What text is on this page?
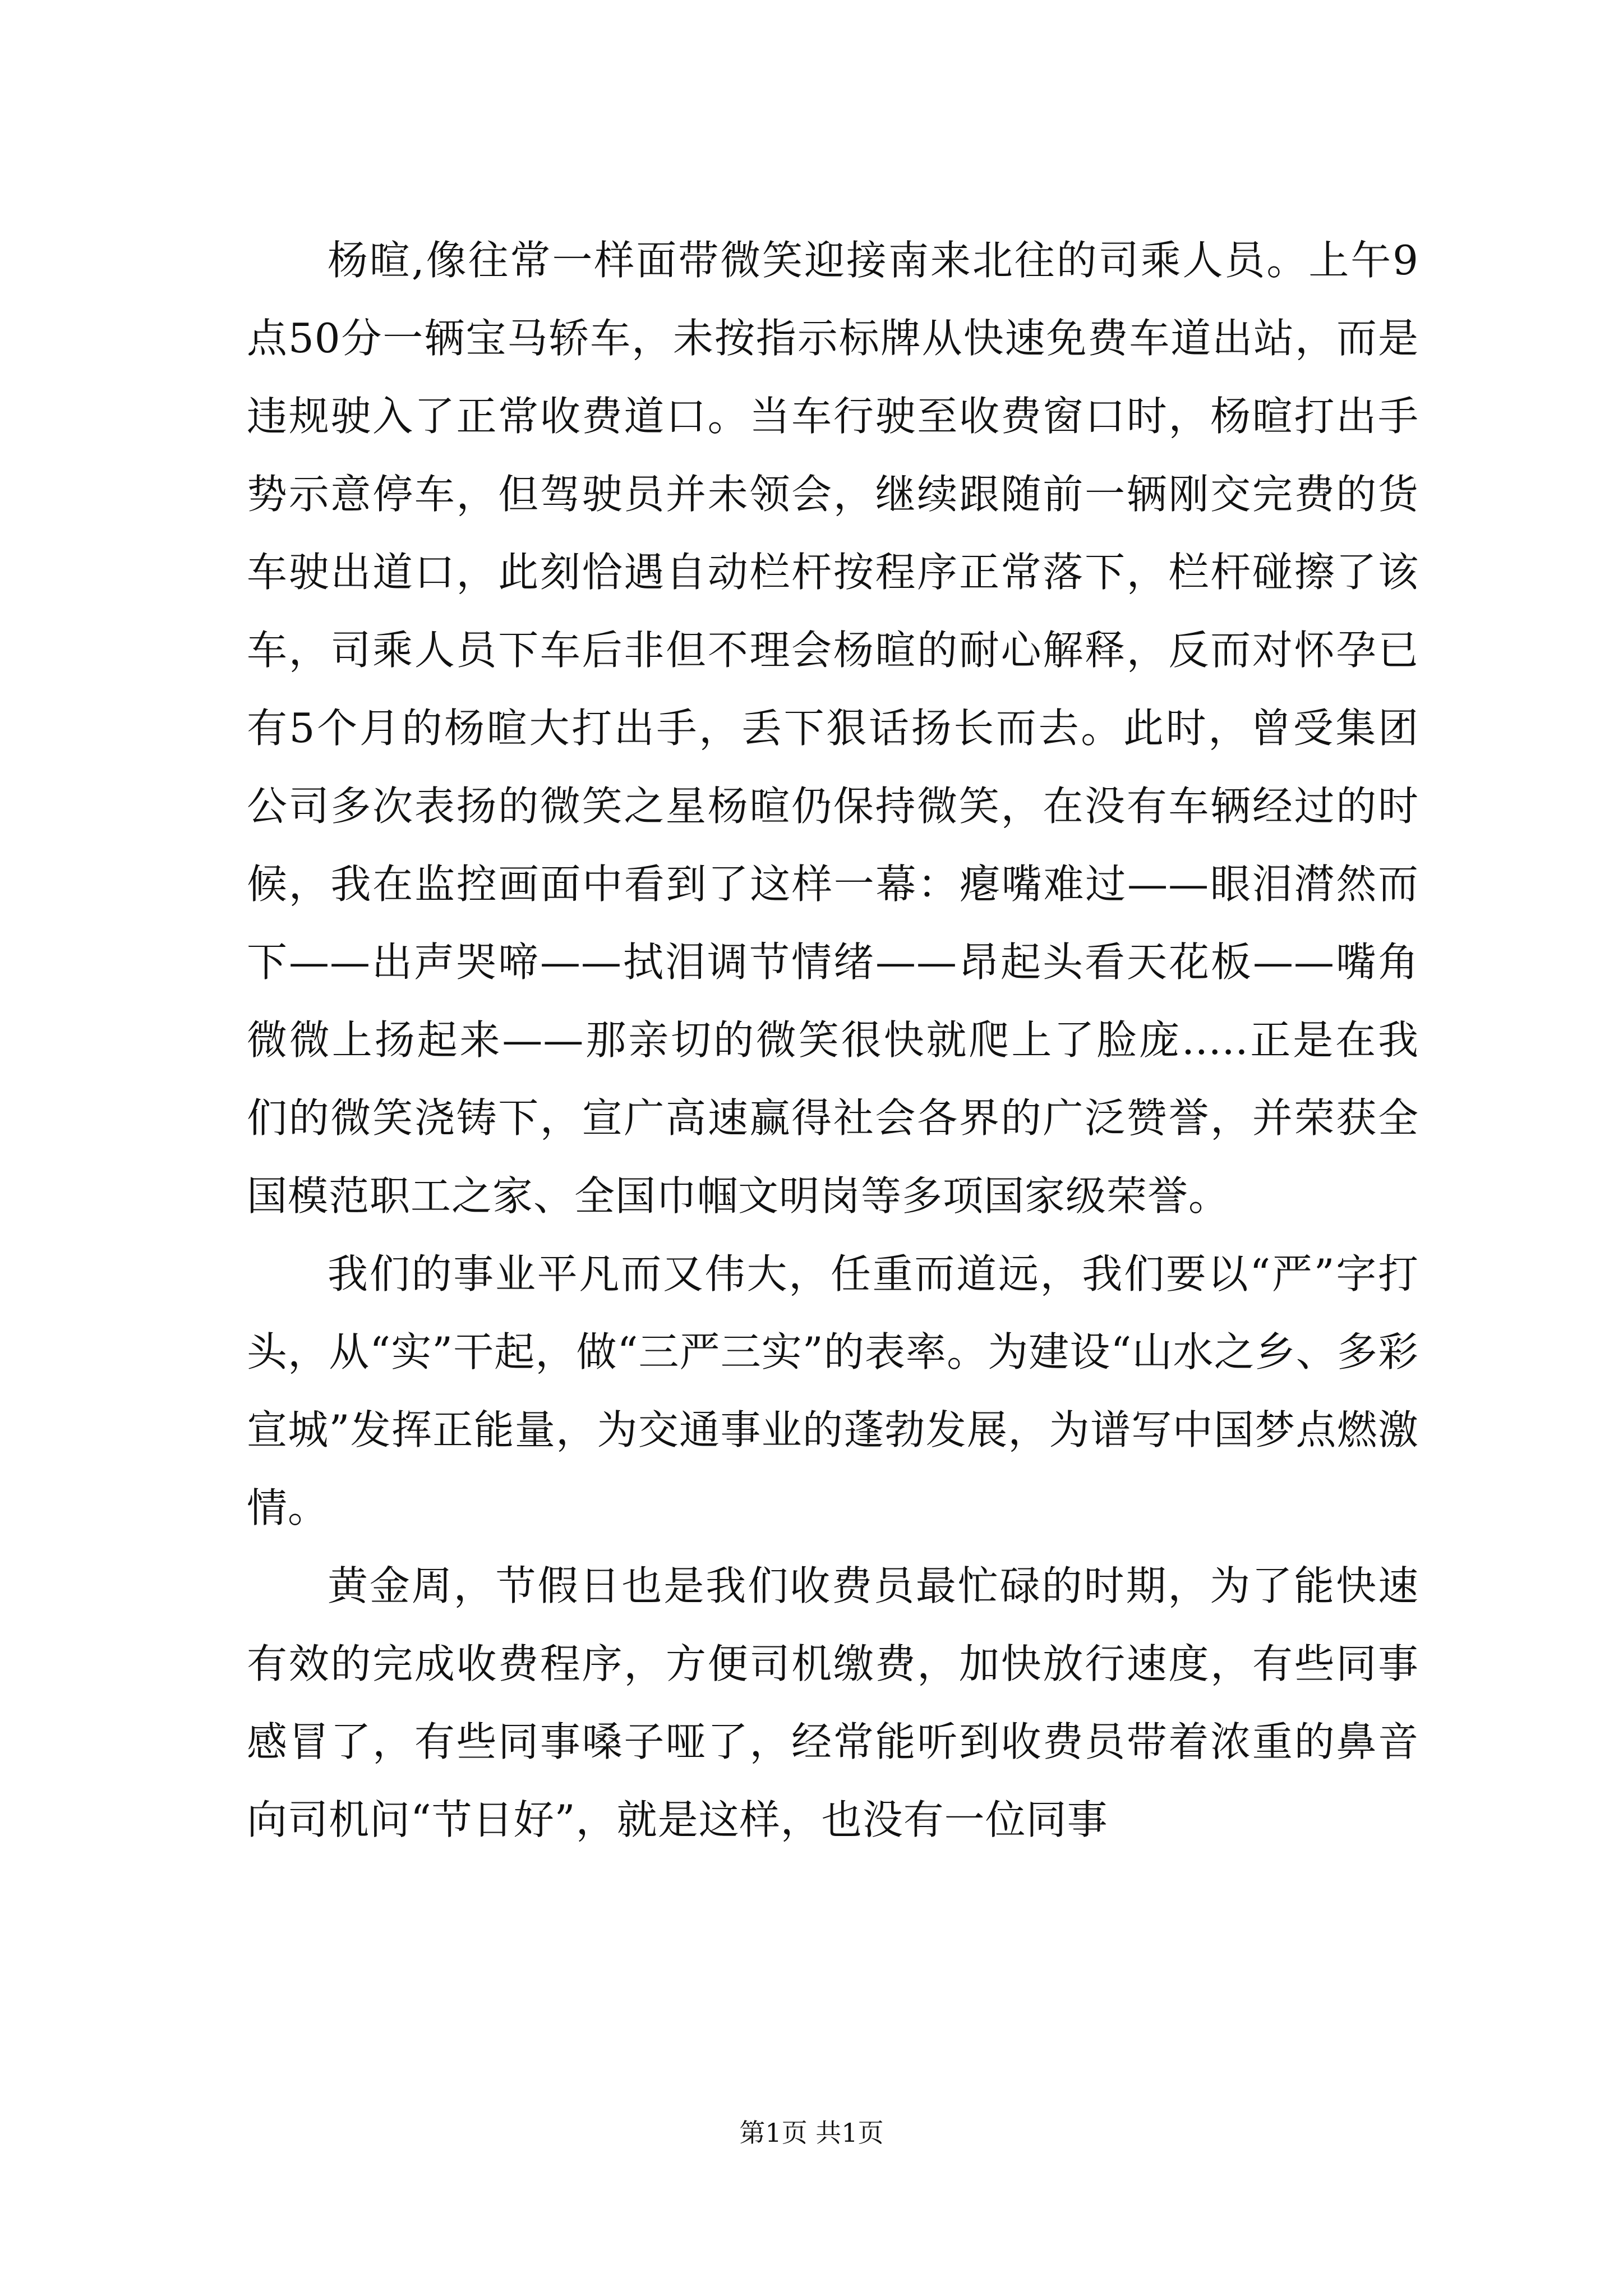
杨暄,像往常一样面带微笑迎接南来北往的司乘人员。上午9点50分一辆宝马轿车，未按指示标牌从快速免费车道出站，而是违规驶入了正常收费道口。当车行驶至收费窗口时，杨暄打出手势示意停车，但驾驶员并未领会，继续跟随前一辆刚交完费的货车驶出道口，此刻恰遇自动栏杆按程序正常落下，栏杆碰擦了该车，司乘人员下车后非但不理会杨暄的耐心解释，反而对怀孕已有5个月的杨暄大打出手，丢下狠话扬长而去。此时，曾受集团公司多次表扬的微笑之星杨暄仍保持微笑，在没有车辆经过的时候，我在监控画面中看到了这样一幕：瘪嘴难过——眼泪潸然而下——出声哭啼——拭泪调节情绪——昂起头看天花板——嘴角微微上扬起来——那亲切的微笑很快就爬上了脸庞.....正是在我们的微笑浇铸下，宣广高速赢得社会各界的广泛赞誉，并荣获全国模范职工之家、全国巾帼文明岗等多项国家级荣誉。

我们的事业平凡而又伟大，任重而道远，我们要以“严”字打头，从“实”干起，做“三严三实”的表率。为建设“山水之乡、多彩宣城”发挥正能量，为交通事业的蓬勃发展，为谱写中国梦点燃激情。

黄金周，节假日也是我们收费员最忙碌的时期，为了能快速有效的完成收费程序，方便司机缴费，加快放行速度，有些同事感冒了，有些同事嗓子哑了，经常能听到收费员带着浓重的鼻音向司机问“节日好”，就是这样，也没有一位同事

第1页 共1页
